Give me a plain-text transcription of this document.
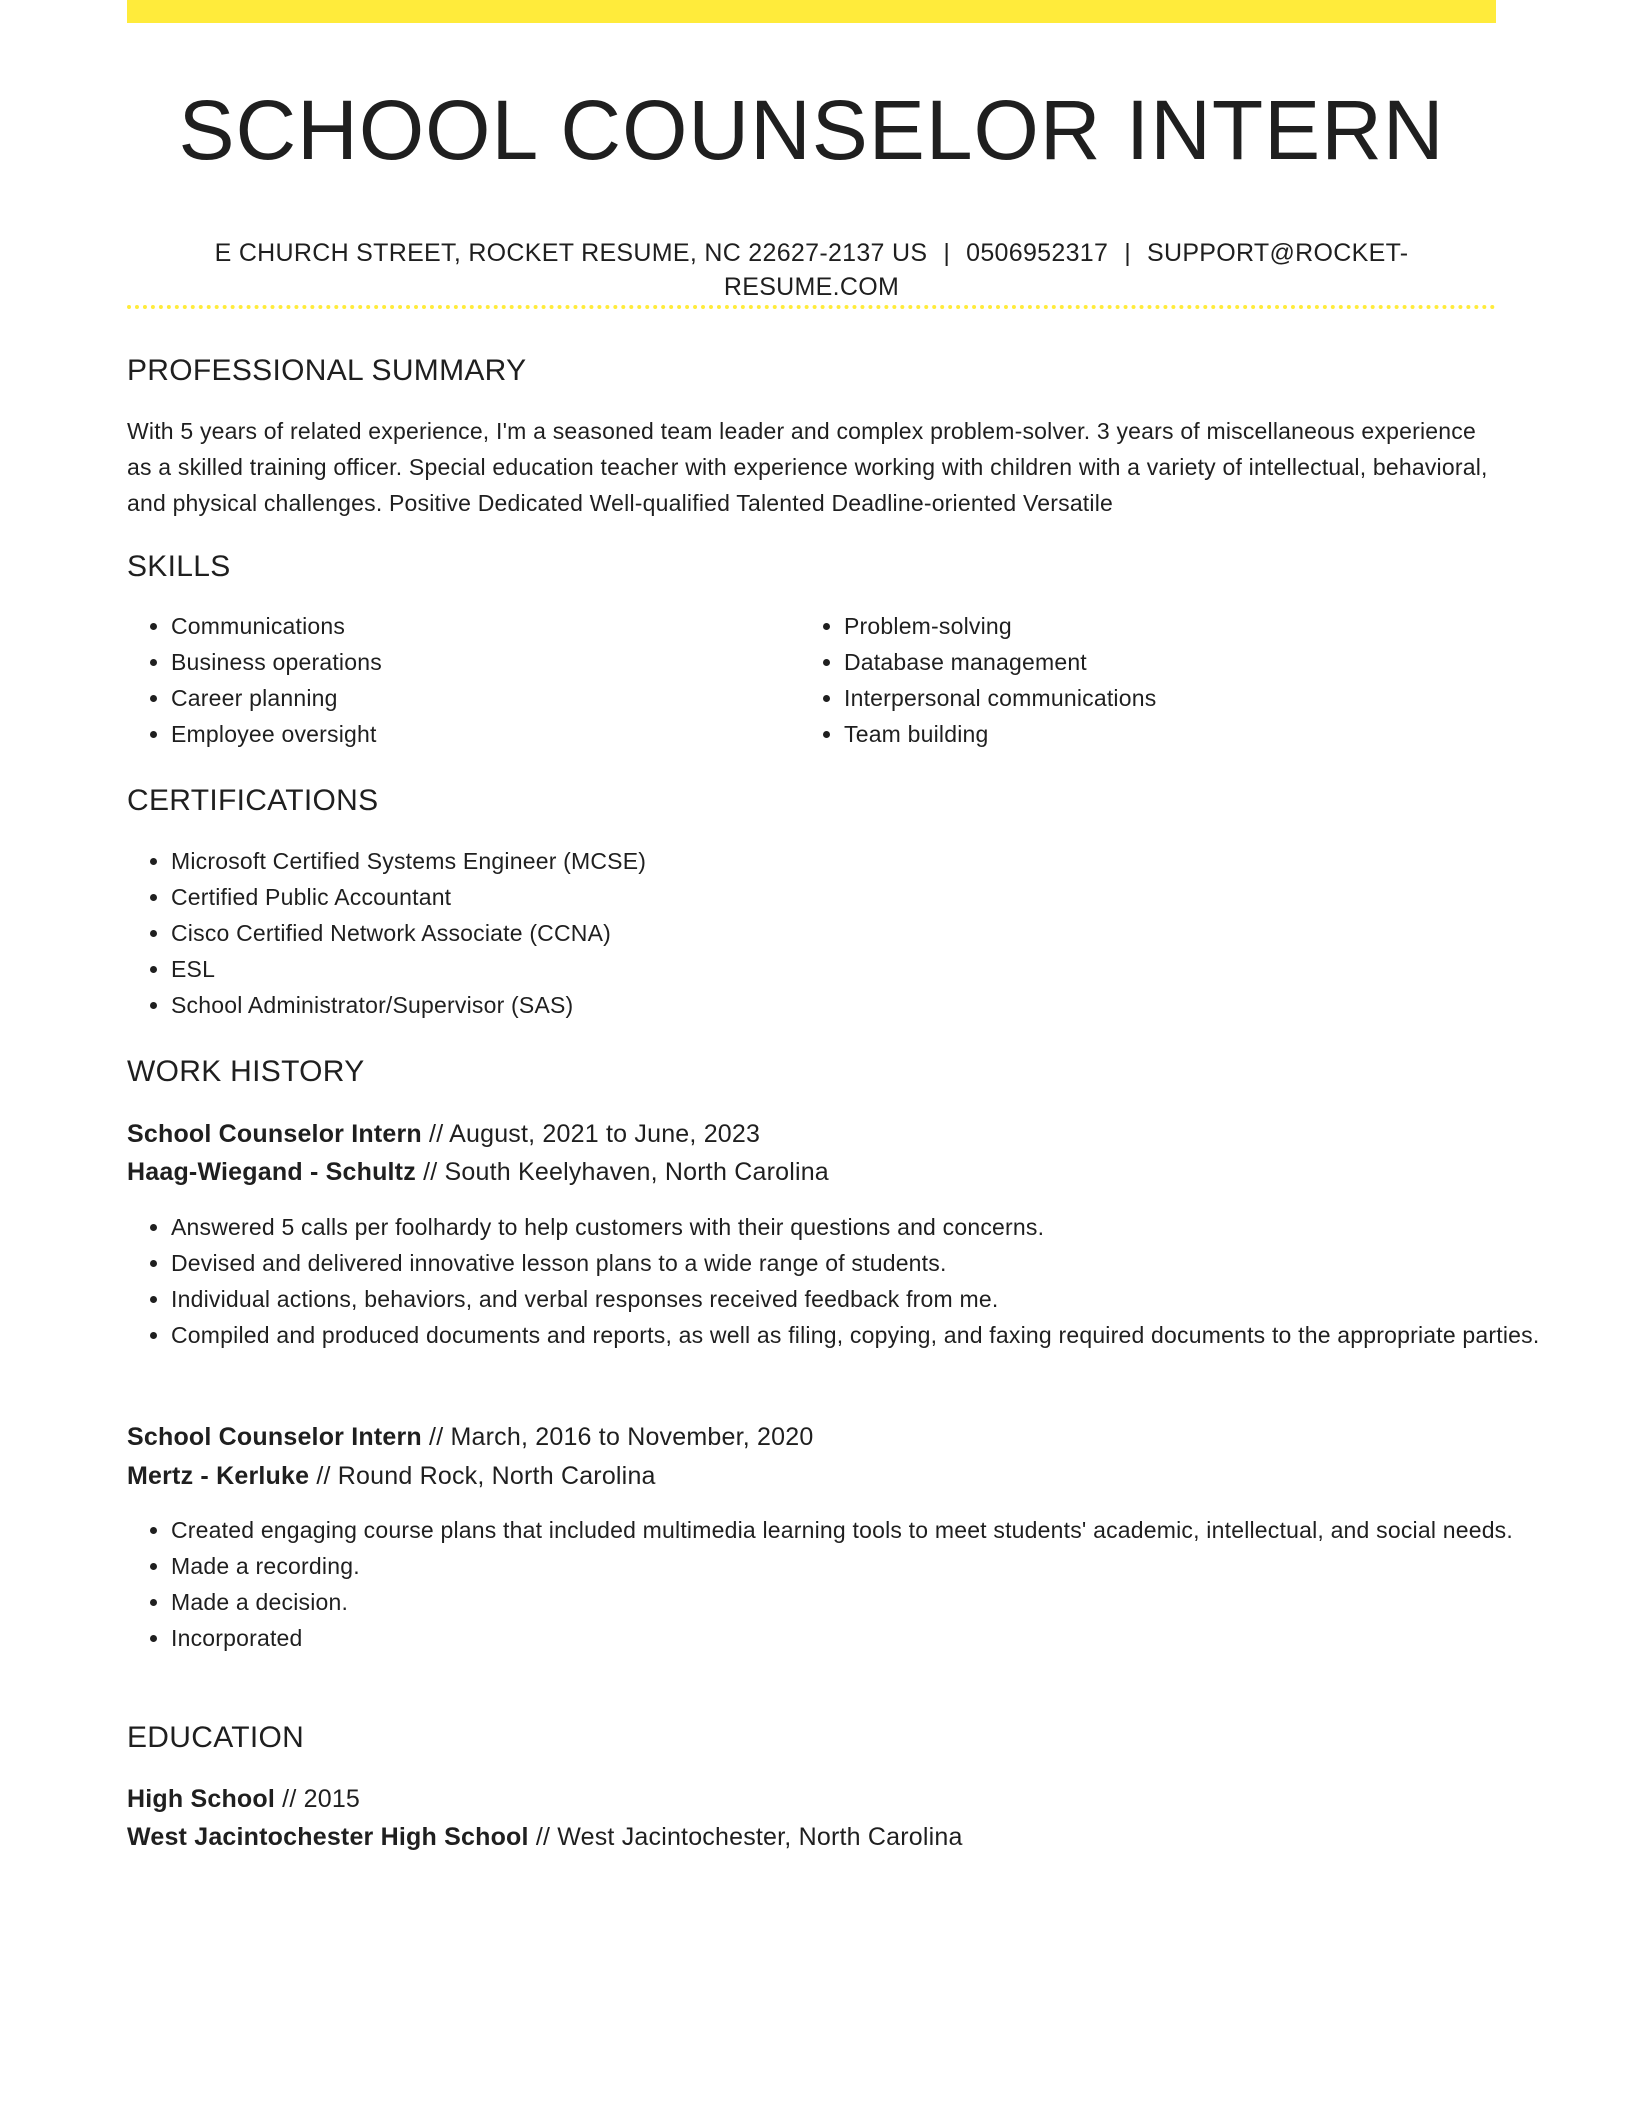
SCHOOL COUNSELOR INTERN
E CHURCH STREET, ROCKET RESUME, NC 22627-2137 US | 0506952317 | SUPPORT@ROCKET-RESUME.COM
PROFESSIONAL SUMMARY

With 5 years of related experience, I'm a seasoned team leader and complex problem-solver. 3 years of miscellaneous experience as a skilled training officer. Special education teacher with experience working with children with a variety of intellectual, behavioral, and physical challenges. Positive Dedicated Well-qualified Talented Deadline-oriented Versatile

SKILLS
• Communications
• Business operations
• Career planning
• Employee oversight
• Problem-solving
• Database management
• Interpersonal communications
• Team building
CERTIFICATIONS
• Microsoft Certified Systems Engineer (MCSE)
• Certified Public Accountant
• Cisco Certified Network Associate (CCNA)
• ESL
• School Administrator/Supervisor (SAS)
WORK HISTORY
School Counselor Intern // August, 2021 to June, 2023
Haag-Wiegand - Schultz // South Keelyhaven, North Carolina
• Answered 5 calls per foolhardy to help customers with their questions and concerns.
• Devised and delivered innovative lesson plans to a wide range of students.
• Individual actions, behaviors, and verbal responses received feedback from me.
• Compiled and produced documents and reports, as well as filing, copying, and faxing required documents to the appropriate parties.
School Counselor Intern // March, 2016 to November, 2020
Mertz - Kerluke // Round Rock, North Carolina
• Created engaging course plans that included multimedia learning tools to meet students' academic, intellectual, and social needs.
• Made a recording.
• Made a decision.
• Incorporated
EDUCATION
High School // 2015
West Jacintochester High School // West Jacintochester, North Carolina
